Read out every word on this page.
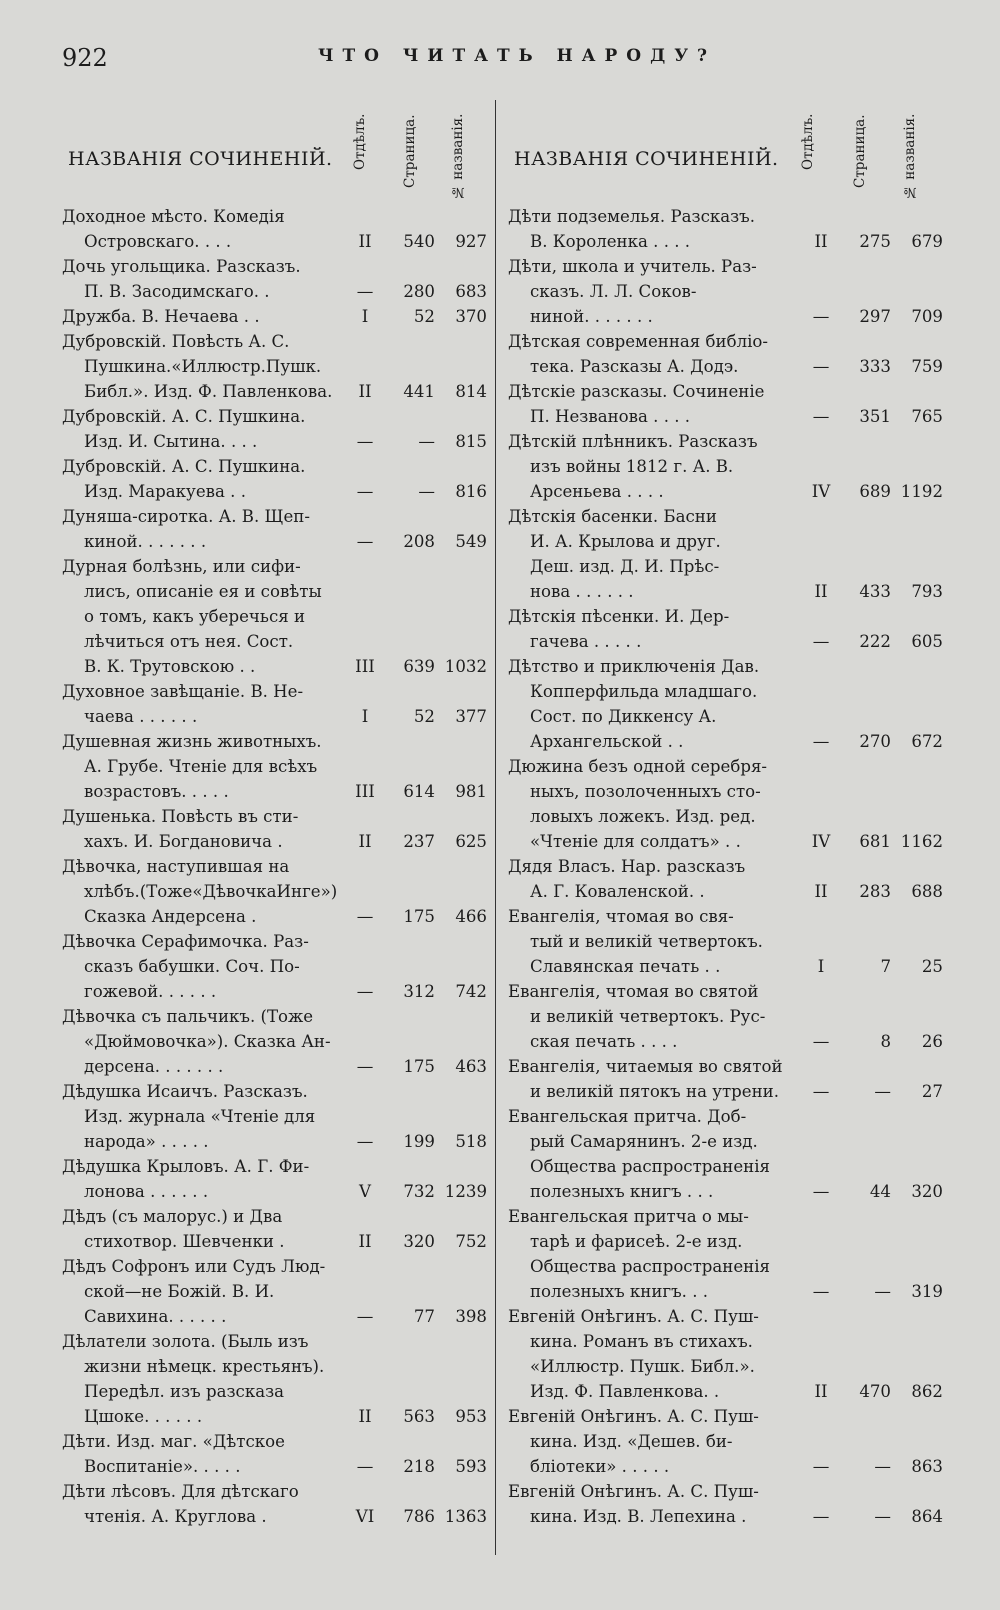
922	ЧТО ЧИТАТЬ НАРОДУ?
НАЗВАНІЯ СОЧИНЕНІЙ. Отдѣлъ.	Страница. № названія.
Доходное мѣсто. Комедія
Островскаго. . . .	II	540	927
Дочь угольщика. Разсказъ.
П. В. Засодимскаго. .	—	280	683
Дружба. В. Нечаева . .	I	52	370
Дубровскій. Повѣсть А. С.
Пушкина.«Иллюстр.Пушк.
Библ.». Изд. Ф. Павленкова.	II	441	814
Дубровскій. А. С. Пушкина.
Изд. И. Сытина. . . .	—	—	815
Дубровскій. А. С. Пушкина.
Изд. Маракуева . .	—	—	816
Дуняша-сиротка. А. В. Щеп-
киной. . . . . . .	—	208	549
Дурная болѣзнь, или сифи-
лисъ, описаніе ея и совѣты
о томъ, какъ уберечься и
лѣчиться отъ нея. Сост.
В. К. Трутовскою . .	III	639 1032
Духовное завѣщаніе. В. Не-
чаева . . . . . .	I	52	377
Душевная жизнь животныхъ.
А. Грубе. Чтеніе для всѣхъ
возрастовъ. . . . .	III	614	981
Душенька. Повѣсть въ сти-
хахъ. И. Богдановича .	II	237	625
Дѣвочка, наступившая на
хлѣбъ.(Тоже«ДѣвочкаИнге»)
Сказка Андерсена .	—	175	466
Дѣвочка Серафимочка. Раз-
сказъ бабушки. Соч. По-
гожевой. . . . . .	—	312	742
Дѣвочка съ пальчикъ. (Тоже
«Дюймовочка»). Сказка Ан-
дерсена. . . . . . .	—	175	463
Дѣдушка Исаичъ. Разсказъ.
Изд. журнала «Чтеніе для
народа» . . . . .	—	199	518
Дѣдушка Крыловъ. А. Г. Фи-
лонова . . . . . .	V	732 1239
Дѣдъ (съ малорус.) и Два
стихотвор. Шевченки .	II	320	752
Дѣдъ Софронъ или Судъ Люд-
ской—не Божій. В. И.
Савихина. . . . . .	—	77	398
Дѣлатели золота. (Быль изъ
жизни нѣмецк. крестьянъ).
Передѣл. изъ разсказа
Цшоке. . . . . .	II	563	953
Дѣти. Изд. маг. «Дѣтское
Воспитаніе». . . . .	—	218	593
Дѣти лѣсовъ. Для дѣтскаго
чтенія. А. Круглова .	VI	786 1363
НАЗВАНІЯ СОЧИНЕНІЙ. Отдѣлъ.	Страница.	№ названія.
Дѣти подземелья. Разсказъ.
В. Короленка . . . .	II	275	679
Дѣти, школа и учитель. Раз-
сказъ. Л. Л. Соков-
ниной. . . . . . .	—	297	709
Дѣтская современная библіо-
тека. Разсказы А. Додэ.	—	333	759
Дѣтскіе разсказы. Сочиненіе
П. Незванова . . . .	—	351	765
Дѣтскій плѣнникъ. Разсказъ
изъ войны 1812 г. А. В.
Арсеньева . . . .	IV	689 1192
Дѣтскія басенки. Басни
И. А. Крылова и друг.
Деш. изд. Д. И. Прѣс-
нова . . . . . .	II	433	793
Дѣтскія пѣсенки. И. Дер-
гачева . . . . .	—	222	605
Дѣтство и приключенія Дав.
Копперфильда младшаго.
Сост. по Диккенсу А.
Архангельской . .	—	270	672
Дюжина безъ одной серебря-
ныхъ, позолоченныхъ сто-
ловыхъ ложекъ. Изд. ред.
«Чтеніе для солдатъ» . .	IV	681 1162
Дядя Власъ. Нар. разсказъ
А. Г. Коваленской. .	II	283	688
Евангелія, чтомая во свя-
тый и великій четвертокъ.
Славянская печать . .	I	7	25
Евангелія, чтомая во святой
и великій четвертокъ. Рус-
ская печать . . . .	—	8	26
Евангелія, читаемыя во святой
и великій пятокъ на утрени.	—	—	27
Евангельская притча. Доб-
рый Самарянинъ. 2-е изд.
Общества распространенія
полезныхъ книгъ . . .	—	44	320
Евангельская притча о мы-
тарѣ и фарисеѣ. 2-е изд.
Общества распространенія
полезныхъ книгъ. . .	—	—	319
Евгеній Онѣгинъ. А. С. Пуш-
кина. Романъ въ стихахъ.
«Иллюстр. Пушк. Библ.».
Изд. Ф. Павленкова. .	II	470	862
Евгеній Онѣгинъ. А. С. Пуш-
кина. Изд. «Дешев. би-
бліотеки» . . . . .	—	—	863
Евгеній Онѣгинъ. А. С. Пуш-
кина. Изд. В. Лепехина .	—	—	864
